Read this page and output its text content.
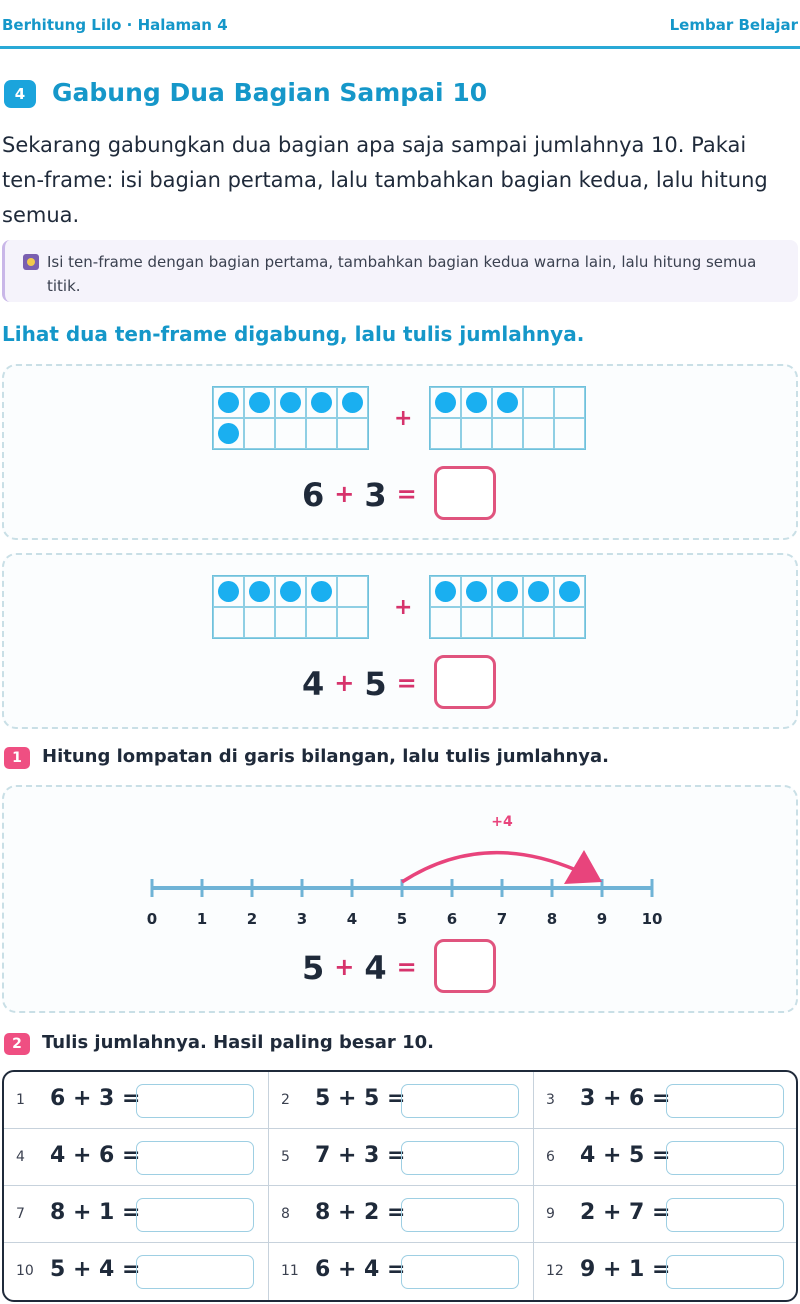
Berhitung Lilo · Halaman 4	Lembar Belajar
4	Gabung Dua Bagian Sampai 10
Sekarang gabungkan dua bagian apa saja sampai jumlahnya 10. Pakai ten-frame: isi bagian pertama, lalu tambahkan bagian kedua, lalu hitung semua.
Isi ten-frame dengan bagian pertama, tambahkan bagian kedua warna lain, lalu hitung semua titik.
Lihat dua ten-frame digabung, lalu tulis jumlahnya.
+
6 + 3 =
+
4 + 5 =
1	Hitung lompatan di garis bilangan, lalu tulis jumlahnya.
0	1	2	3	4	5	6	7	8	9 10
+4
5 + 4 =
2	Tulis jumlahnya. Hasil paling besar 10.
1 6 + 3 =	2 5 + 5 =	3 3 + 6 =
4 4 + 6 =	5 7 + 3 =	6 4 + 5 =
7 8 + 1 =	8 8 + 2 =	9 2 + 7 =
10 5 + 4 =	11 6 + 4 =	12 9 + 1 =
